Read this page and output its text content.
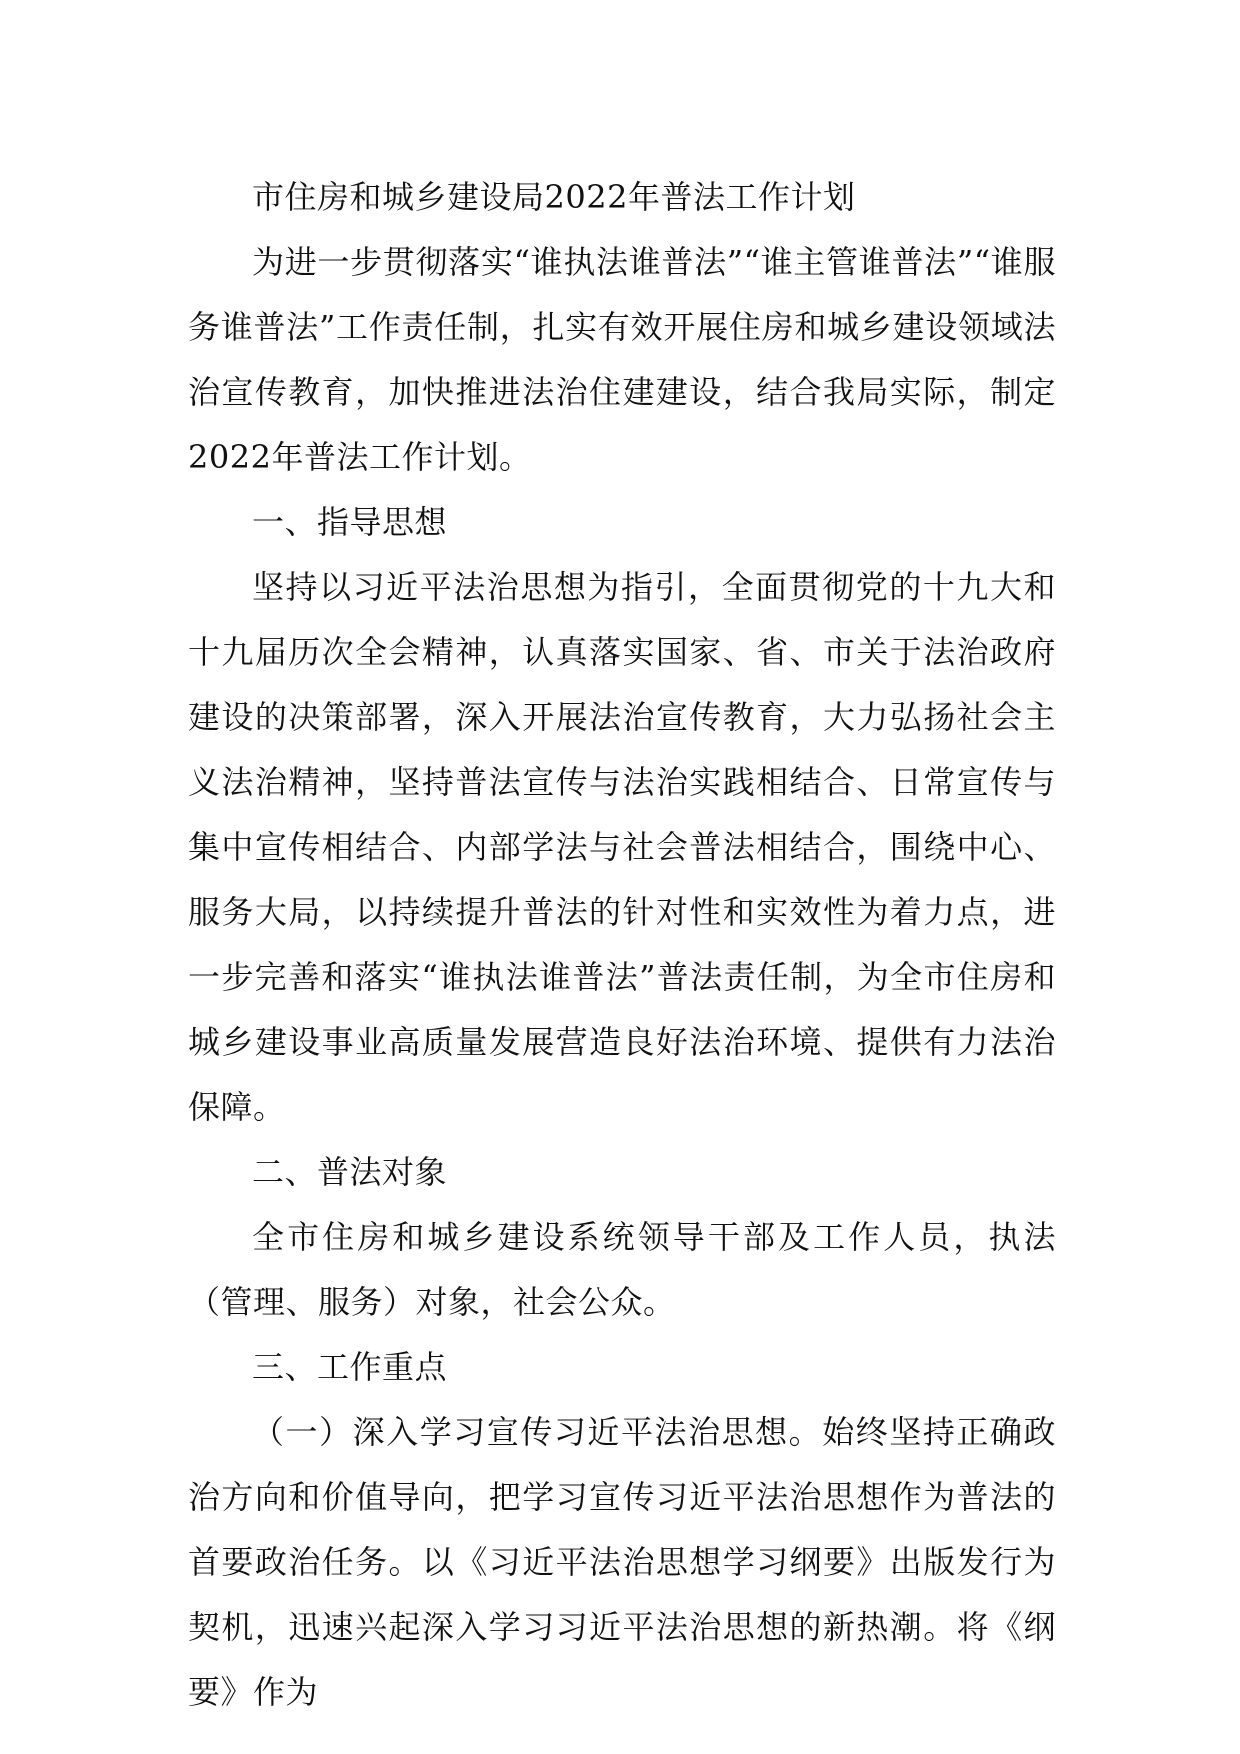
市住房和城乡建设局2022年普法工作计划

为进一步贯彻落实“谁执法谁普法”“谁主管谁普法”“谁服务谁普法”工作责任制，扎实有效开展住房和城乡建设领域法治宣传教育，加快推进法治住建建设，结合我局实际，制定2022年普法工作计划。

一、指导思想

坚持以习近平法治思想为指引，全面贯彻党的十九大和十九届历次全会精神，认真落实国家、省、市关于法治政府建设的决策部署，深入开展法治宣传教育，大力弘扬社会主义法治精神，坚持普法宣传与法治实践相结合、日常宣传与集中宣传相结合、内部学法与社会普法相结合，围绕中心、服务大局，以持续提升普法的针对性和实效性为着力点，进一步完善和落实“谁执法谁普法”普法责任制，为全市住房和城乡建设事业高质量发展营造良好法治环境、提供有力法治保障。

二、普法对象

全市住房和城乡建设系统领导干部及工作人员，执法（管理、服务）对象，社会公众。

三、工作重点

（一）深入学习宣传习近平法治思想。始终坚持正确政治方向和价值导向，把学习宣传习近平法治思想作为普法的首要政治任务。以《习近平法治思想学习纲要》出版发行为契机，迅速兴起深入学习习近平法治思想的新热潮。将《纲要》作为
